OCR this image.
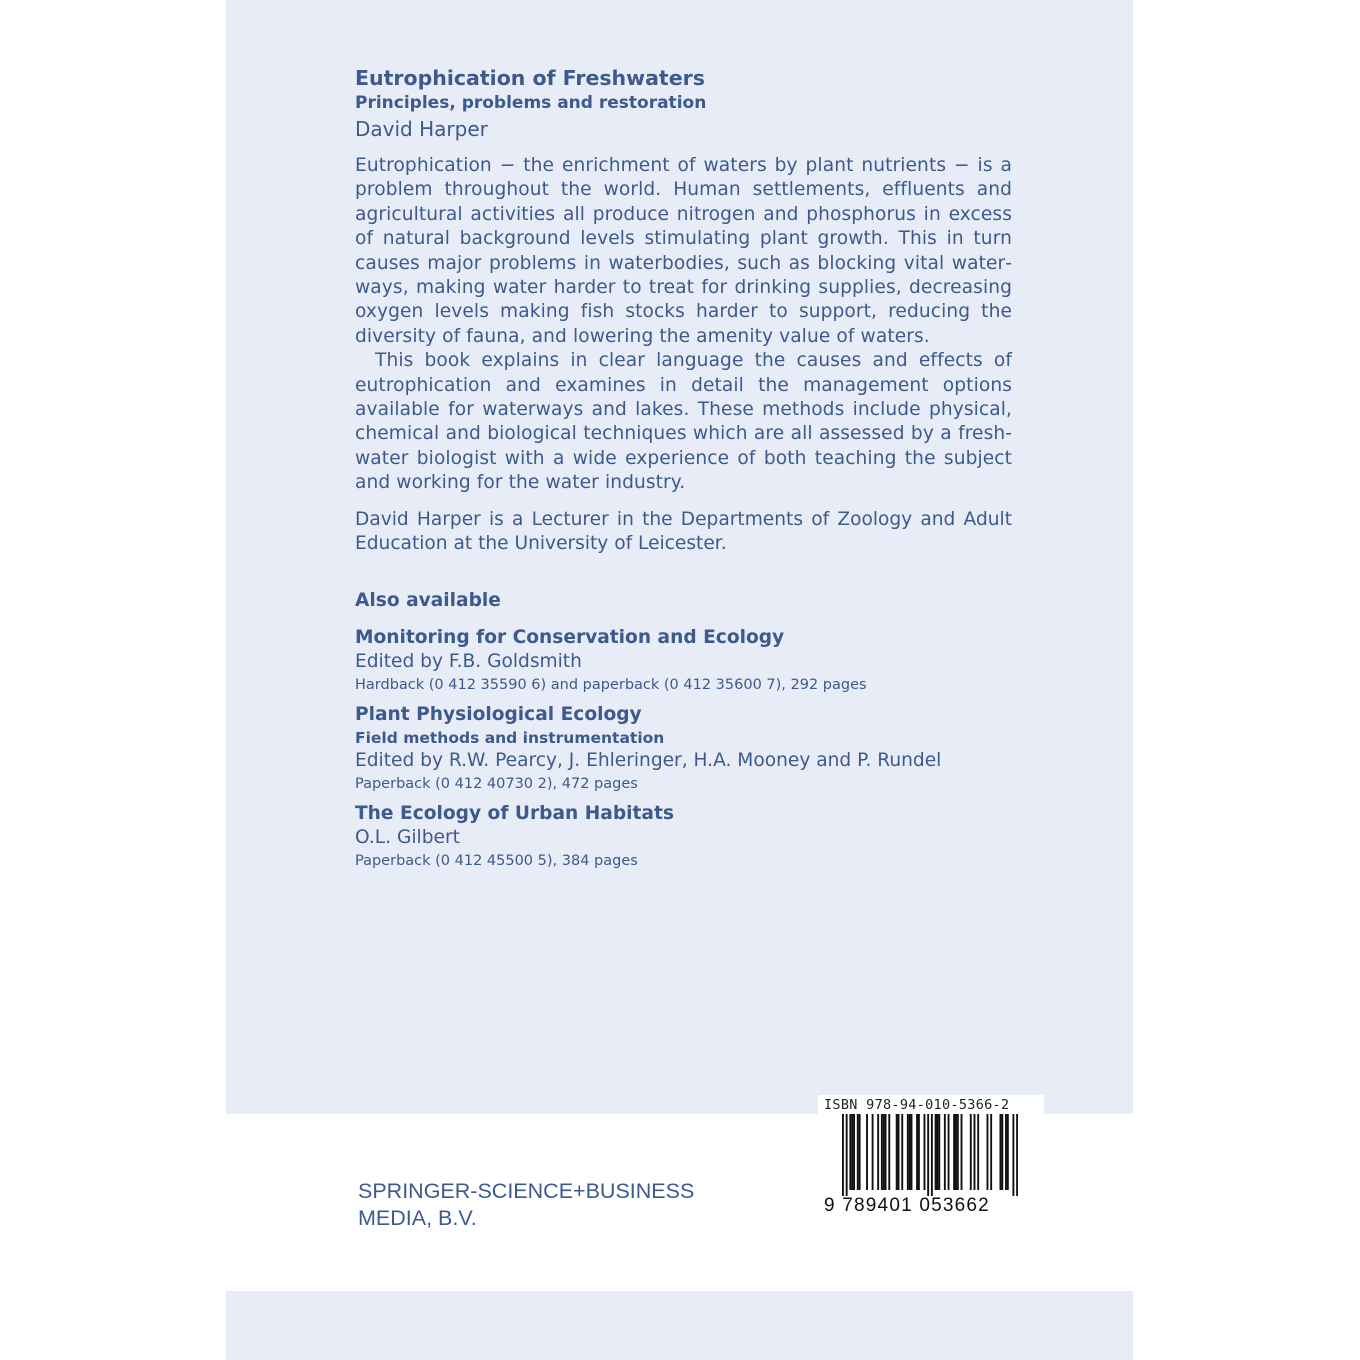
Eutrophication of Freshwaters
Principles, problems and restoration

David Harper

Eutrophication − the enrichment of waters by plant nutrients − is a problem throughout the world. Human settlements, effluents and agricultural activities all produce nitrogen and phosphorus in excess of natural background levels stimulating plant growth. This in turn causes major problems in waterbodies, such as blocking vital waterways, making water harder to treat for drinking supplies, decreasing oxygen levels making fish stocks harder to support, reducing the diversity of fauna, and lowering the amenity value of waters.

This book explains in clear language the causes and effects of eutrophication and examines in detail the management options available for waterways and lakes. These methods include physical, chemical and biological techniques which are all assessed by a freshwater biologist with a wide experience of both teaching the subject and working for the water industry.

David Harper is a Lecturer in the Departments of Zoology and Adult Education at the University of Leicester.

Also available

Monitoring for Conservation and Ecology

Edited by F.B. Goldsmith

Hardback (0 412 35590 6) and paperback (0 412 35600 7), 292 pages

Plant Physiological Ecology

Field methods and instrumentation

Edited by R.W. Pearcy, J. Ehleringer, H.A. Mooney and P. Rundel

Paperback (0 412 40730 2), 472 pages

The Ecology of Urban Habitats

O.L. Gilbert

Paperback (0 412 45500 5), 384 pages

SPRINGER-SCIENCE+BUSINESS
MEDIA, B.V.
ISBN 978-94-010-5366-2
9 789401 053662
